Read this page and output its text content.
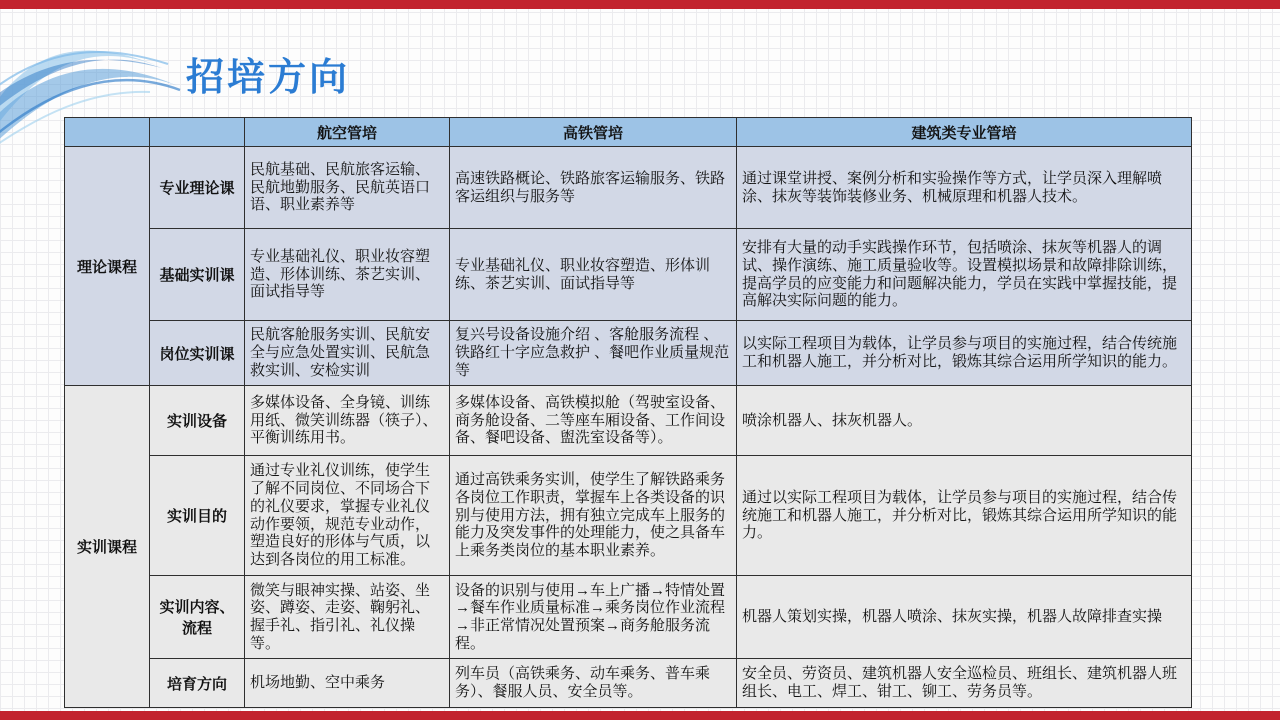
招培方向
		航空管培	高铁管培	建筑类专业管培
理论课程	专业理论课	民航基础、民航旅客运输、民航地勤服务、民航英语口语、职业素养等	高速铁路概论、铁路旅客运输服务、铁路客运组织与服务等	通过课堂讲授、案例分析和实验操作等方式，让学员深入理解喷涂、抹灰等装饰装修业务、机械原理和机器人技术。
	基础实训课	专业基础礼仪、职业妆容塑造、形体训练、茶艺实训、面试指导等	专业基础礼仪、职业妆容塑造、形体训练、茶艺实训、面试指导等	安排有大量的动手实践操作环节，包括喷涂、抹灰等机器人的调试、操作演练、施工质量验收等。设置模拟场景和故障排除训练，提高学员的应变能力和问题解决能力，学员在实践中掌握技能，提高解决实际问题的能力。
	岗位实训课	民航客舱服务实训、民航安全与应急处置实训、民航急救实训、安检实训	复兴号设备设施介绍 、客舱服务流程 、铁路红十字应急救护 、餐吧作业质量规范等	以实际工程项目为载体，让学员参与项目的实施过程，结合传统施工和机器人施工，并分析对比，锻炼其综合运用所学知识的能力。
实训课程	实训设备	多媒体设备、全身镜、训练用纸、微笑训练器（筷子）、平衡训练用书。	多媒体设备、高铁模拟舱（驾驶室设备、商务舱设备、二等座车厢设备、工作间设备、餐吧设备、盥洗室设备等）。	喷涂机器人、抹灰机器人。
	实训目的	通过专业礼仪训练，使学生了解不同岗位、不同场合下的礼仪要求，掌握专业礼仪动作要领，规范专业动作，塑造良好的形体与气质，以达到各岗位的用工标准。	通过高铁乘务实训，使学生了解铁路乘务各岗位工作职责，掌握车上各类设备的识别与使用方法，拥有独立完成车上服务的能力及突发事件的处理能力，使之具备车上乘务类岗位的基本职业素养。	通过以实际工程项目为载体，让学员参与项目的实施过程，结合传统施工和机器人施工，并分析对比，锻炼其综合运用所学知识的能力。
	实训内容、流程	微笑与眼神实操、站姿、坐姿、蹲姿、走姿、鞠躬礼、握手礼、指引礼、礼仪操等。	设备的识别与使用→车上广播→特情处置→餐车作业质量标准→乘务岗位作业流程→非正常情况处置预案→商务舱服务流程。	机器人策划实操，机器人喷涂、抹灰实操，机器人故障排查实操
	培育方向	机场地勤、空中乘务	列车员（高铁乘务、动车乘务、普车乘务）、餐服人员、安全员等。	安全员、劳资员、建筑机器人安全巡检员、班组长、建筑机器人班组长、电工、焊工、钳工、铆工、劳务员等。
